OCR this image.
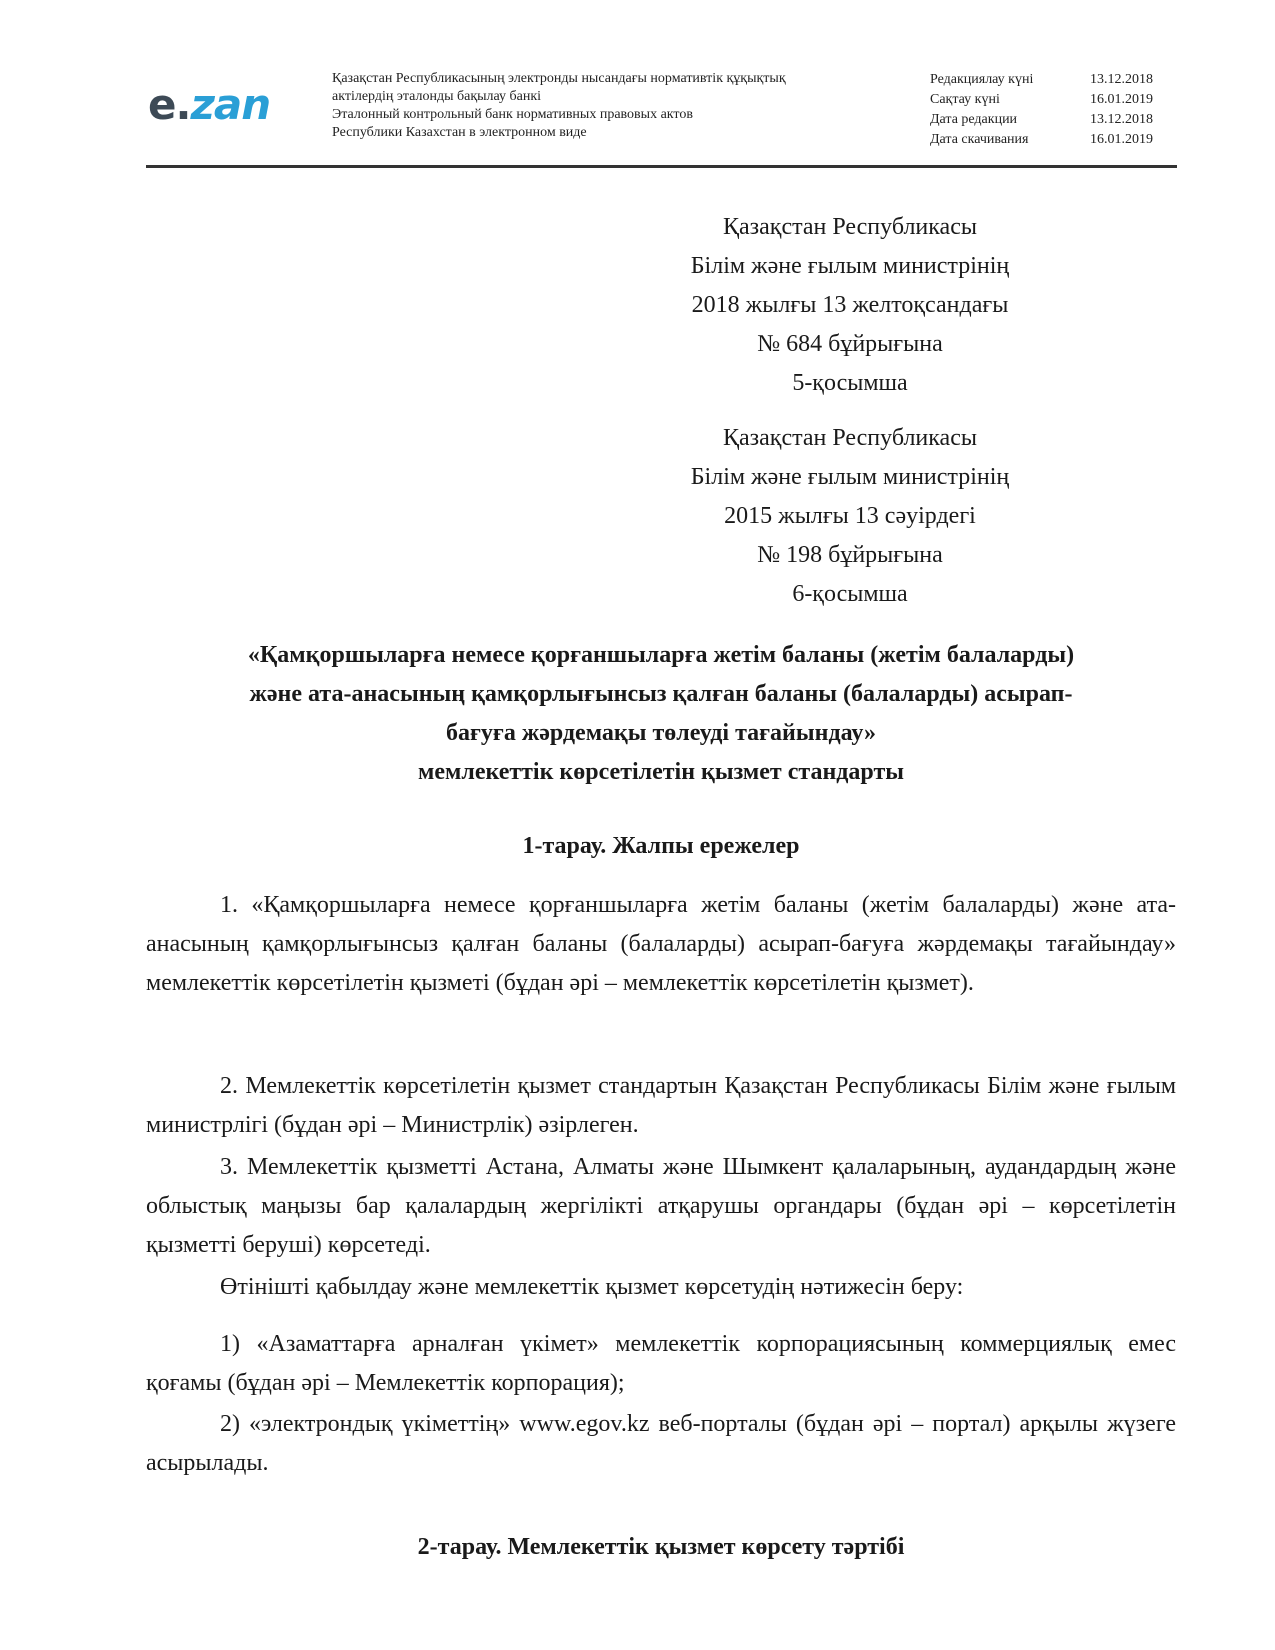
e.zan
Қазақстан Республикасының электронды нысандағы нормативтік құқықтық
актілердің эталонды бақылау банкі
Эталонный контрольный банк нормативных правовых актов
Республики Казахстан в электронном виде
Редакциялау күні	13.12.2018
Сақтау күні	16.01.2019
Дата редакции	13.12.2018
Дата скачивания	16.01.2019
Қазақстан Республикасы
Білім және ғылым министрінің
2018 жылғы 13 желтоқсандағы
№ 684 бұйрығына
5-қосымша
Қазақстан Республикасы
Білім және ғылым министрінің
2015 жылғы 13 сәуірдегі
№ 198 бұйрығына
6-қосымша
«Қамқоршыларға немесе қорғаншыларға жетім баланы (жетім балаларды)
және ата-анасының қамқорлығынсыз қалған баланы (балаларды) асырап-
бағуға жәрдемақы төлеуді тағайындау»
мемлекеттік көрсетілетін қызмет стандарты
1-тарау. Жалпы ережелер

1. «Қамқоршыларға немесе қорғаншыларға жетім баланы (жетім балаларды) және ата-анасының қамқорлығынсыз қалған баланы (балаларды) асырап-бағуға жәрдемақы тағайындау» мемлекеттік көрсетілетін қызметі (бұдан әрі – мемлекеттік көрсетілетін қызмет).

2. Мемлекеттік көрсетілетін қызмет стандартын Қазақстан Республикасы Білім және ғылым министрлігі (бұдан әрі – Министрлік) әзірлеген.

3. Мемлекеттік қызметті Астана, Алматы және Шымкент қалаларының, аудандардың және облыстық маңызы бар қалалардың жергілікті атқарушы органдары (бұдан әрі – көрсетілетін қызметті беруші) көрсетеді.

Өтінішті қабылдау және мемлекеттік қызмет көрсетудің нәтижесін беру:

1) «Азаматтарға арналған үкімет» мемлекеттік корпорациясының коммерциялық емес қоғамы (бұдан әрі – Мемлекеттік корпорация);

2) «электрондық үкіметтің» www.egov.kz веб-порталы (бұдан әрі – портал) арқылы жүзеге асырылады.

2-тарау. Мемлекеттік қызмет көрсету тәртібі
